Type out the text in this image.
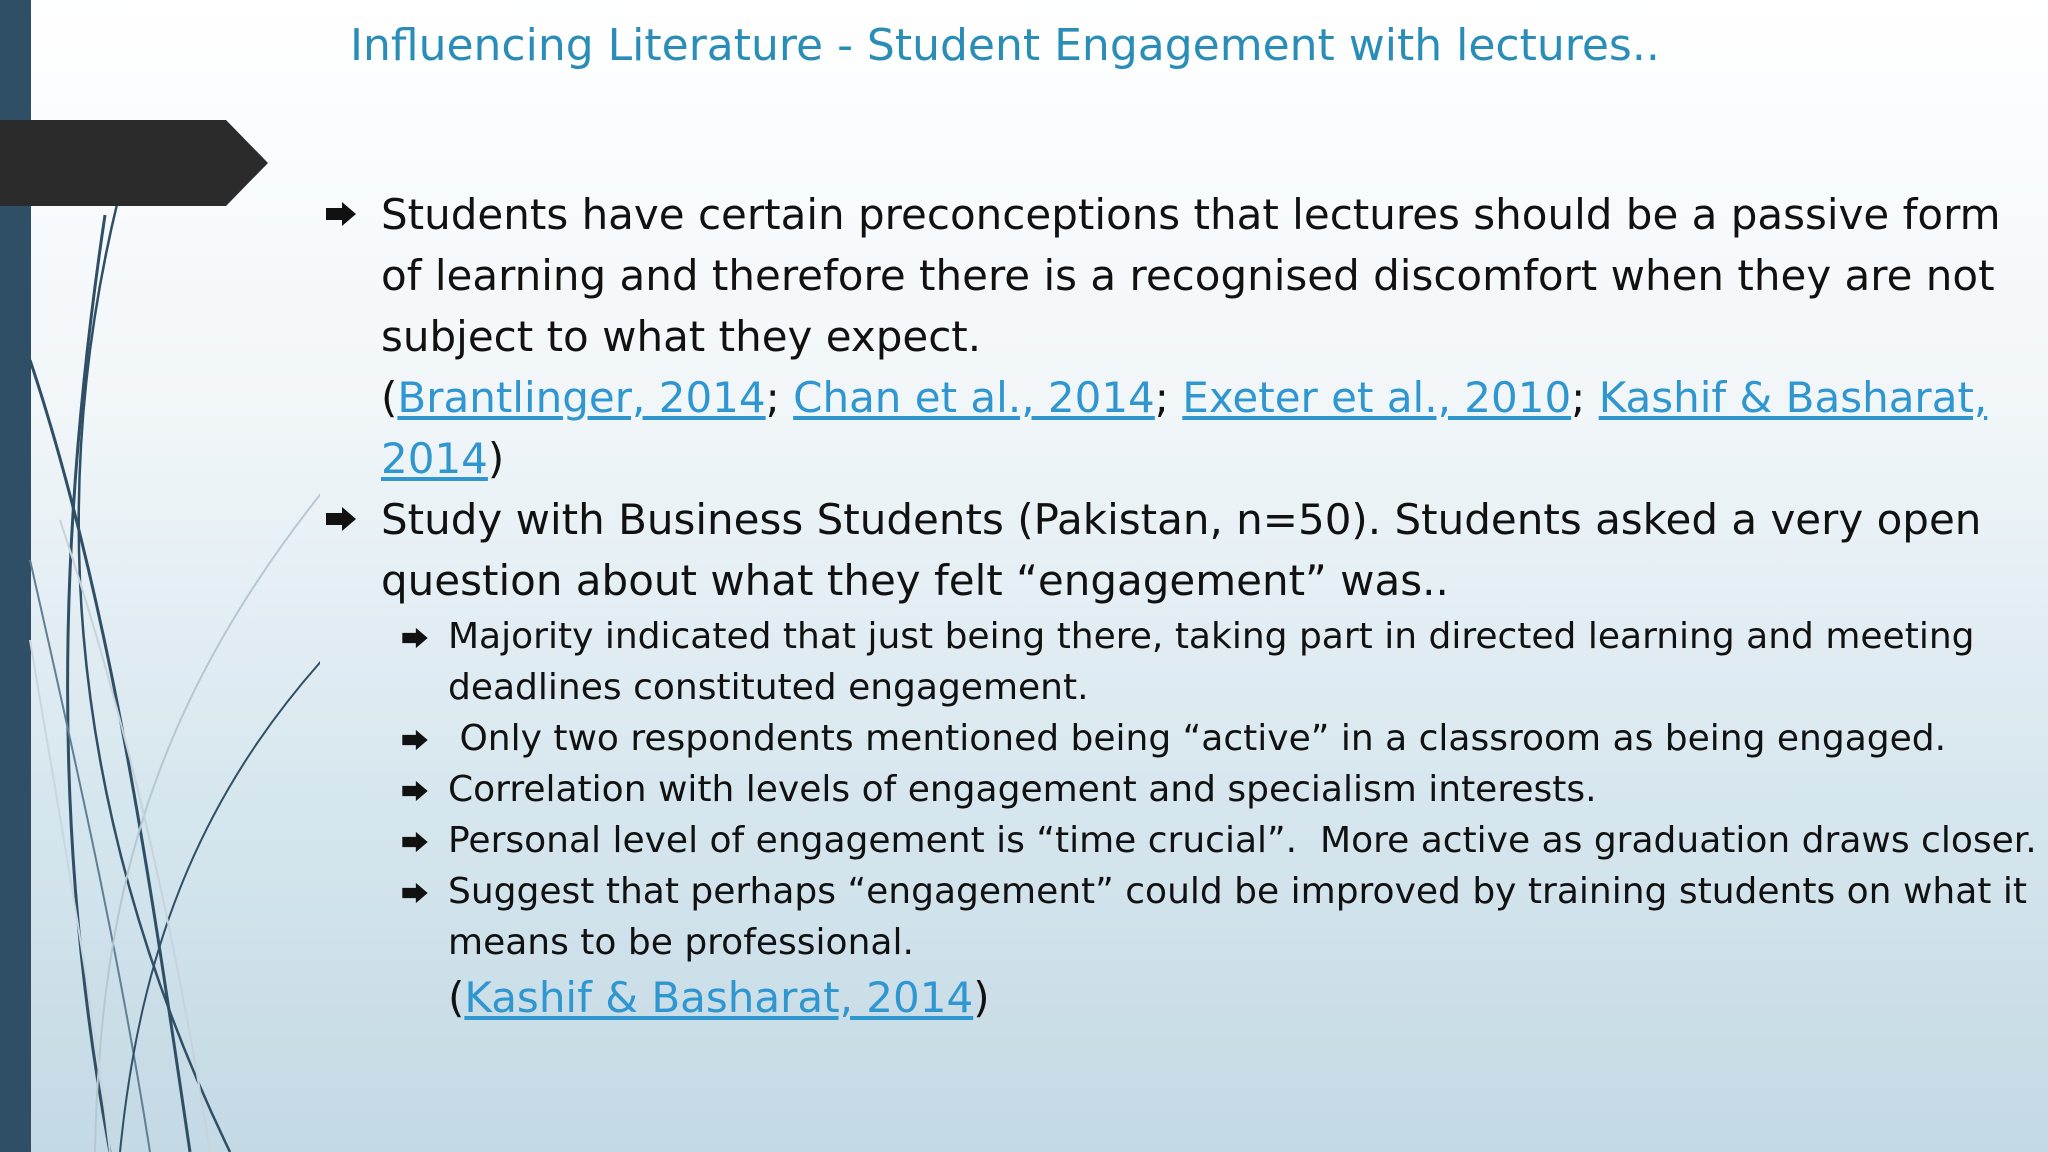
Influencing Literature - Student Engagement with lectures..
Students have certain preconceptions that lectures should be a passive form of learning and therefore there is a recognised discomfort when they are not subject to what they expect.
(Brantlinger, 2014; Chan et al., 2014; Exeter et al., 2010; Kashif & Basharat, 2014)
Study with Business Students (Pakistan, n=50). Students asked a very open question about what they felt “engagement” was..
Majority indicated that just being there, taking part in directed learning and meeting deadlines constituted engagement.
Only two respondents mentioned being “active” in a classroom as being engaged.
Correlation with levels of engagement and specialism interests.
Personal level of engagement is “time crucial”.  More active as graduation draws closer.
Suggest that perhaps “engagement” could be improved by training students on what it means to be professional.
(Kashif & Basharat, 2014)
